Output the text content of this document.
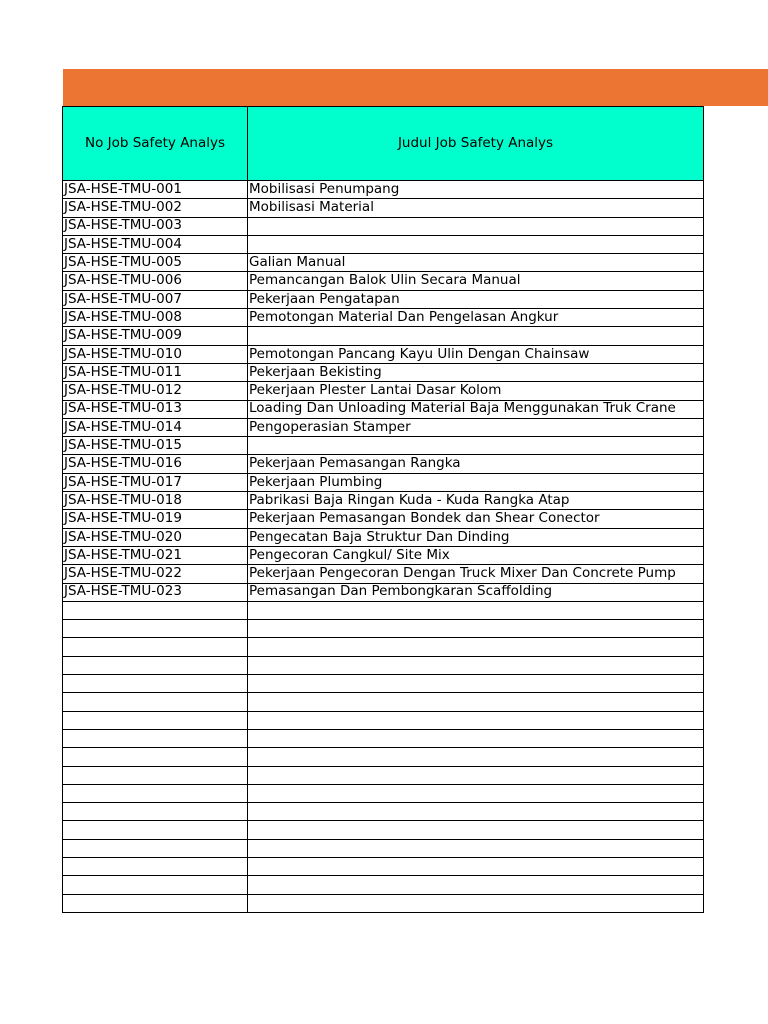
No Job Safety Analys	Judul Job Safety Analys
JSA-HSE-TMU-001	Mobilisasi Penumpang
JSA-HSE-TMU-002	Mobilisasi Material
JSA-HSE-TMU-003	
JSA-HSE-TMU-004	
JSA-HSE-TMU-005	Galian Manual
JSA-HSE-TMU-006	Pemancangan Balok Ulin Secara Manual
JSA-HSE-TMU-007	Pekerjaan Pengatapan
JSA-HSE-TMU-008	Pemotongan Material Dan Pengelasan Angkur
JSA-HSE-TMU-009	
JSA-HSE-TMU-010	Pemotongan Pancang Kayu Ulin Dengan Chainsaw
JSA-HSE-TMU-011	Pekerjaan Bekisting
JSA-HSE-TMU-012	Pekerjaan Plester Lantai Dasar Kolom
JSA-HSE-TMU-013	Loading Dan Unloading Material Baja Menggunakan Truk Crane
JSA-HSE-TMU-014	Pengoperasian Stamper
JSA-HSE-TMU-015	
JSA-HSE-TMU-016	Pekerjaan Pemasangan Rangka
JSA-HSE-TMU-017	Pekerjaan Plumbing
JSA-HSE-TMU-018	Pabrikasi Baja Ringan Kuda - Kuda Rangka Atap
JSA-HSE-TMU-019	Pekerjaan Pemasangan Bondek dan Shear Conector
JSA-HSE-TMU-020	Pengecatan Baja Struktur Dan Dinding
JSA-HSE-TMU-021	Pengecoran Cangkul/ Site Mix
JSA-HSE-TMU-022	Pekerjaan Pengecoran Dengan Truck Mixer Dan Concrete Pump
JSA-HSE-TMU-023	Pemasangan Dan Pembongkaran Scaffolding
